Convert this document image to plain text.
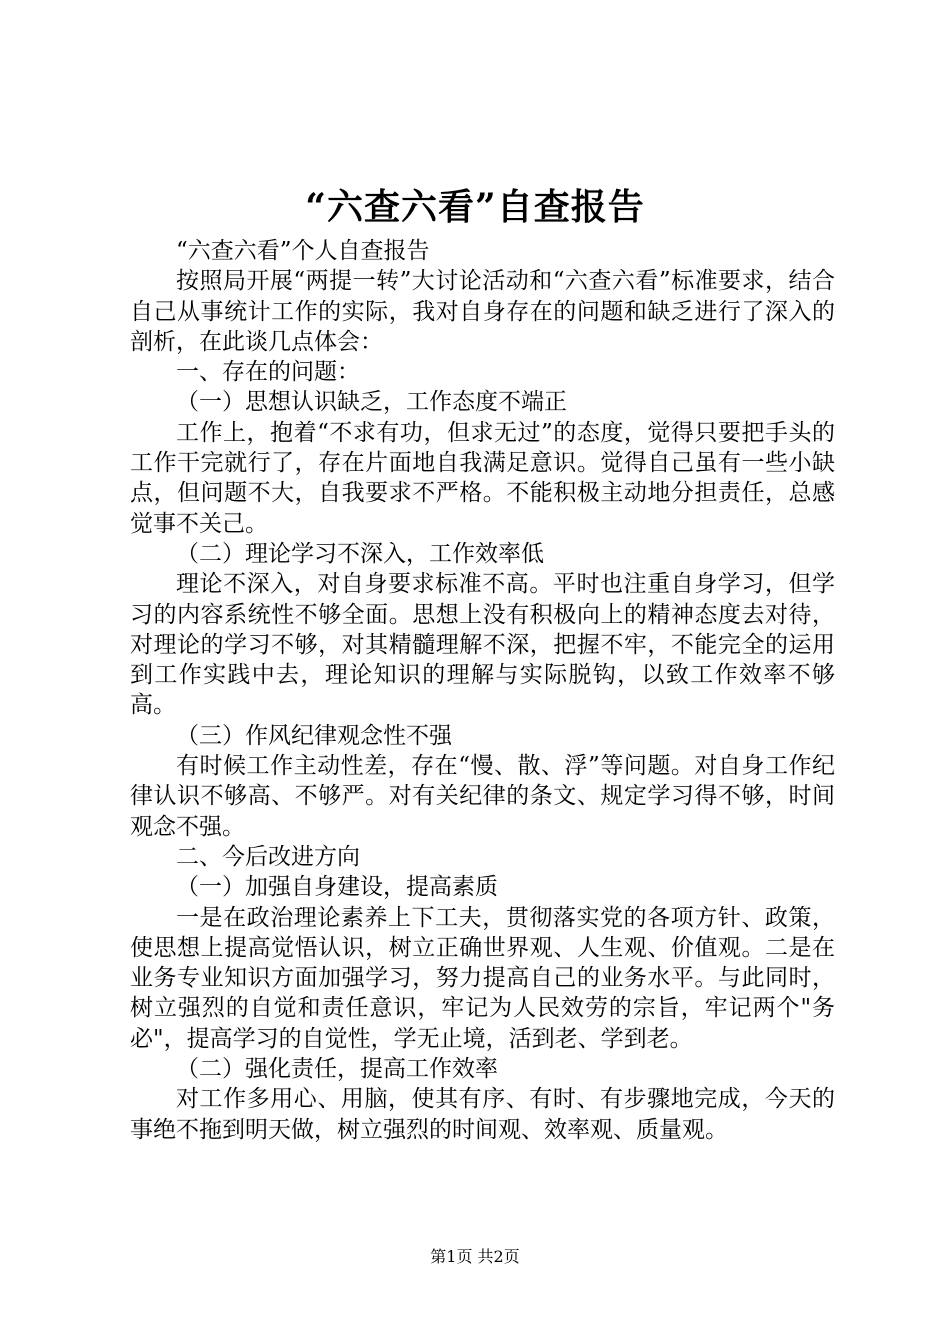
“六查六看”自查报告

“六查六看”个人自查报告

按照局开展“两提一转”大讨论活动和“六查六看”标准要求，结合自己从事统计工作的实际，我对自身存在的问题和缺乏进行了深入的剖析，在此谈几点体会：

一、存在的问题：

（一）思想认识缺乏，工作态度不端正

工作上，抱着“不求有功，但求无过”的态度，觉得只要把手头的工作干完就行了，存在片面地自我满足意识。觉得自己虽有一些小缺点，但问题不大，自我要求不严格。不能积极主动地分担责任，总感觉事不关己。

（二）理论学习不深入，工作效率低

理论不深入，对自身要求标准不高。平时也注重自身学习，但学习的内容系统性不够全面。思想上没有积极向上的精神态度去对待，对理论的学习不够，对其精髓理解不深，把握不牢，不能完全的运用到工作实践中去，理论知识的理解与实际脱钩，以致工作效率不够高。

（三）作风纪律观念性不强

有时候工作主动性差，存在“慢、散、浮”等问题。对自身工作纪律认识不够高、不够严。对有关纪律的条文、规定学习得不够，时间观念不强。

二、今后改进方向

（一）加强自身建设，提高素质

一是在政治理论素养上下工夫，贯彻落实党的各项方针、政策，使思想上提高觉悟认识，树立正确世界观、人生观、价值观。二是在业务专业知识方面加强学习，努力提高自己的业务水平。与此同时，树立强烈的自觉和责任意识，牢记为人民效劳的宗旨，牢记两个"务必"，提高学习的自觉性，学无止境，活到老、学到老。

（二）强化责任，提高工作效率

对工作多用心、用脑，使其有序、有时、有步骤地完成，今天的事绝不拖到明天做，树立强烈的时间观、效率观、质量观。

第1页 共2页
